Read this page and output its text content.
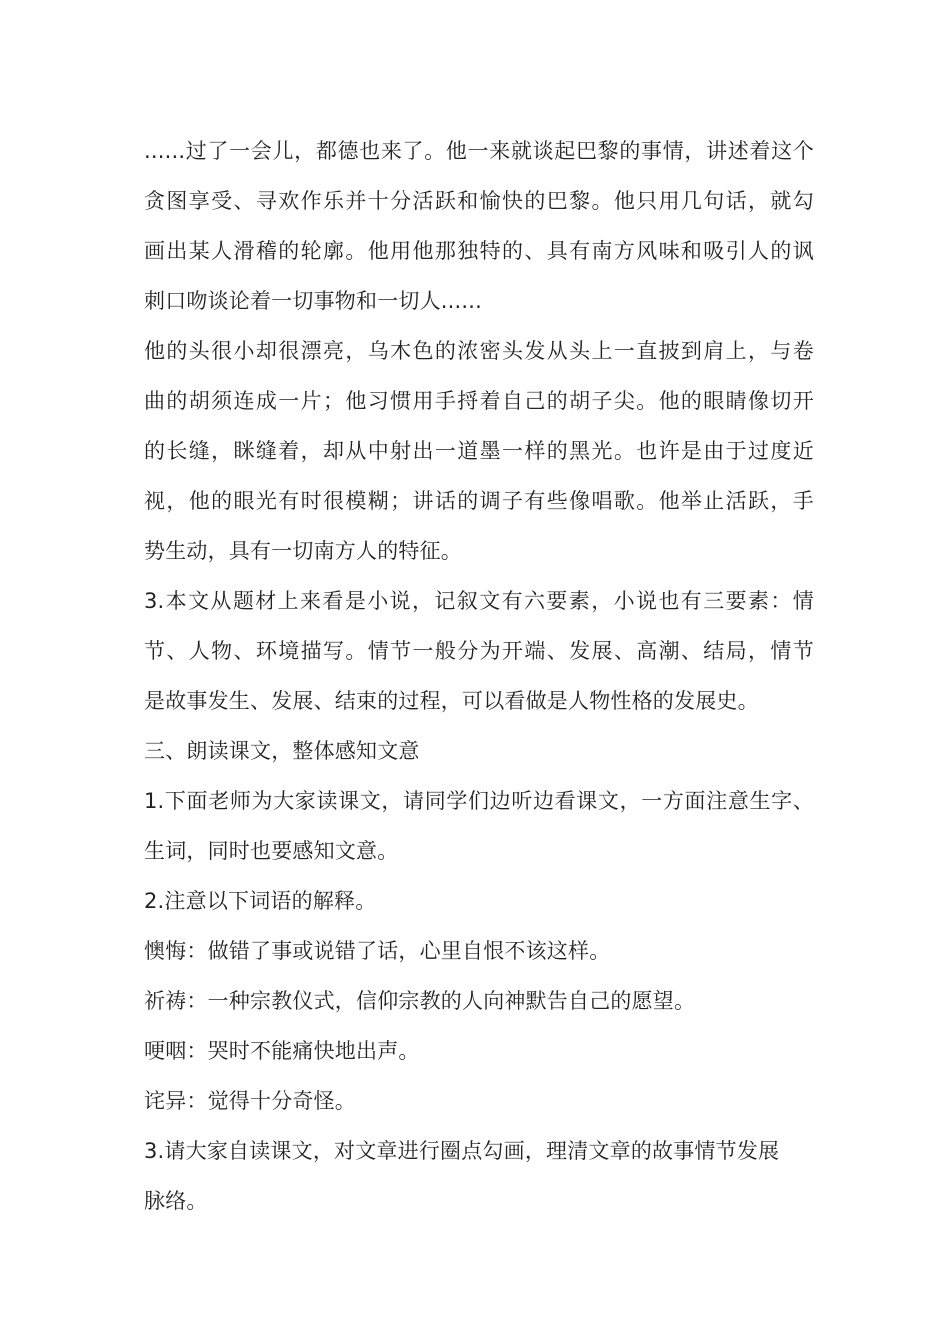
......过了一会儿，都德也来了。他一来就谈起巴黎的事情，讲述着这个
贪图享受、寻欢作乐并十分活跃和愉快的巴黎。他只用几句话，就勾
画出某人滑稽的轮廓。他用他那独特的、具有南方风味和吸引人的讽
刺口吻谈论着一切事物和一切人......
他的头很小却很漂亮，乌木色的浓密头发从头上一直披到肩上，与卷
曲的胡须连成一片；他习惯用手捋着自己的胡子尖。他的眼睛像切开
的长缝，眯缝着，却从中射出一道墨一样的黑光。也许是由于过度近
视，他的眼光有时很模糊；讲话的调子有些像唱歌。他举止活跃，手
势生动，具有一切南方人的特征。
3.本文从题材上来看是小说，记叙文有六要素，小说也有三要素：情
节、人物、环境描写。情节一般分为开端、发展、高潮、结局，情节
是故事发生、发展、结束的过程，可以看做是人物性格的发展史。
三、朗读课文，整体感知文意
1.下面老师为大家读课文，请同学们边听边看课文，一方面注意生字、
生词，同时也要感知文意。
2.注意以下词语的解释。
懊悔：做错了事或说错了话，心里自恨不该这样。
祈祷：一种宗教仪式，信仰宗教的人向神默告自己的愿望。
哽咽：哭时不能痛快地出声。
诧异：觉得十分奇怪。
3.请大家自读课文，对文章进行圈点勾画，理清文章的故事情节发展
脉络。
